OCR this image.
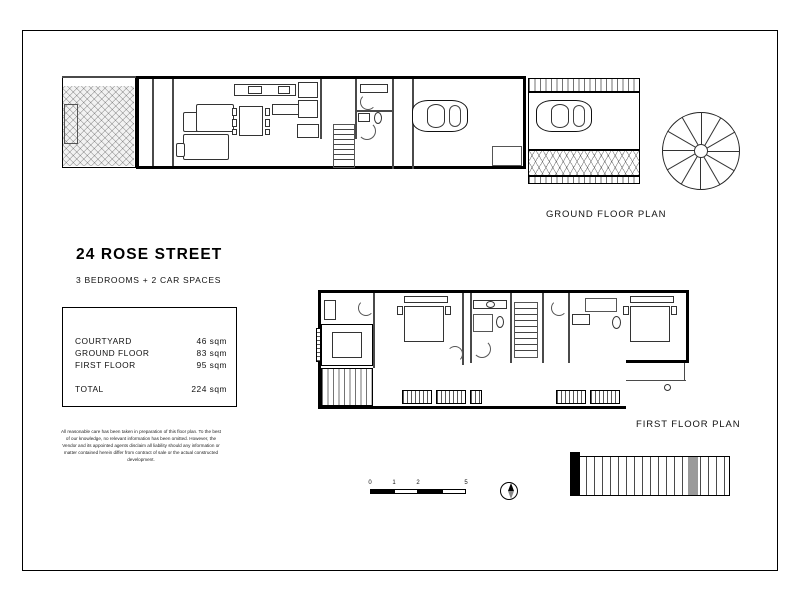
GROUND FLOOR PLAN
24 ROSE STREET
3 BEDROOMS + 2 CAR SPACES
COURTYARD	46 sqm
GROUND FLOOR	83 sqm
FIRST FLOOR	95 sqm
TOTAL	224 sqm
All reasonable care has been taken in preparation of this floor plan. To the best of our knowledge, no relevant information has been omitted. However, the Vendor and its appointed agents disclaim all liability should any information or matter contained herein differ from contract of sale or the actual constructed development.
FIRST FLOOR PLAN
0	1	2	5
